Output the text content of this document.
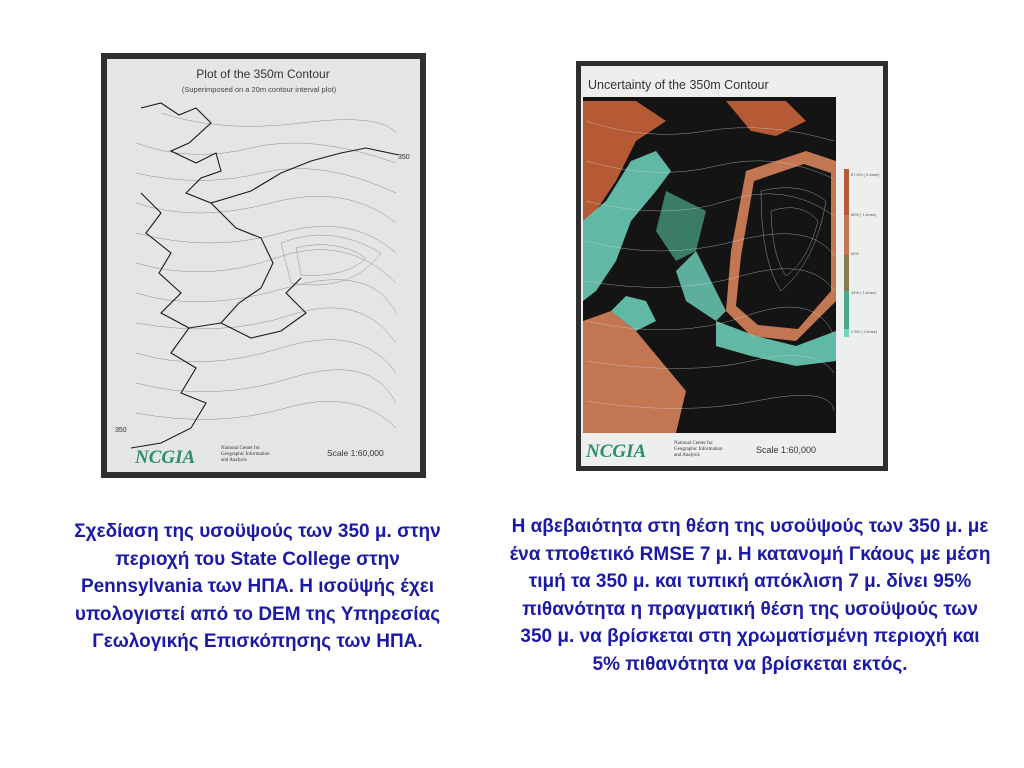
Plot of the 350m Contour
(Superimposed on a 20m contour interval plot)
350
350
NCGIA	National Center for
Geographic Information
and Analysis
Scale 1:60,000
Uncertainty of the 350m Contour
87.5% ( 2-tmse)
66% ( 1-tmse)
50%
34% ( 1-tmse)
2.5% ( 2-tmse)
NCGIA	National Center for
Geographic Information
and Analysis
Scale 1:60,000

Σχεδίαση της υσοϋψούς των 350 μ. στην περιοχή του State College στην Pennsylvania των ΗΠΑ. Η ισοϋψής έχει υπολογιστεί από το DEM της Υπηρεσίας Γεωλογικής Επισκόπησης των ΗΠΑ.

Η αβεβαιότητα στη θέση της υσοϋψούς των 350 μ. με ένα τποθετικό RMSE 7 μ. Η κατανομή Γκάους με μέση τιμή τα 350 μ. και τυπική απόκλιση 7 μ. δίνει 95% πιθανότητα η πραγματική θέση της υσοϋψούς των 350 μ. να βρίσκεται στη χρωματίσμένη περιοχή και 5% πιθανότητα να βρίσκεται εκτός.
